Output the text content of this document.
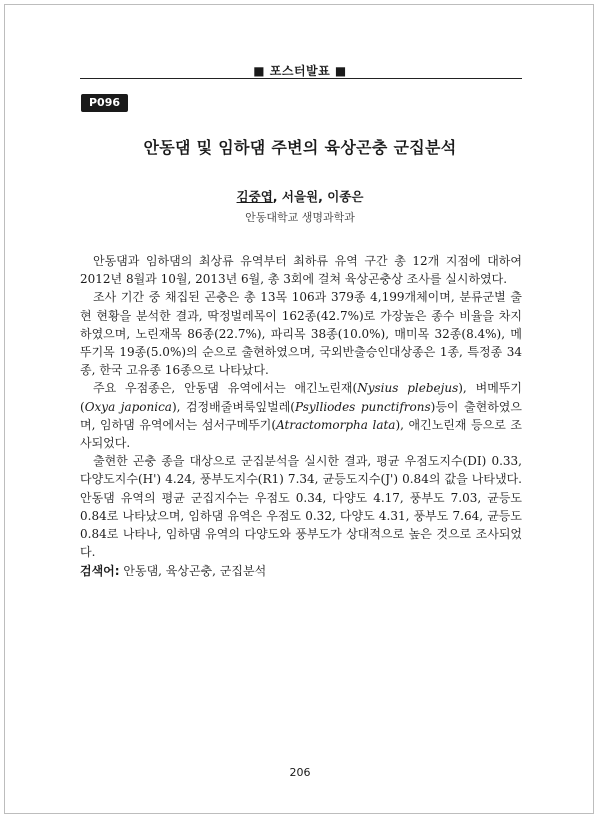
■ 포스터발표 ■
P096
안동댐 및 임하댐 주변의 육상곤충 군집분석
김중엽, 서을원, 이종은
안동대학교 생명과학과

안동댐과 임하댐의 최상류 유역부터 최하류 유역 구간 총 12개 지점에 대하여 2012년 8월과 10월, 2013년 6월, 총 3회에 걸쳐 육상곤충상 조사를 실시하였다.

조사 기간 중 채집된 곤충은 총 13목 106과 379종 4,199개체이며, 분류군별 출현 현황을 분석한 결과, 딱정벌레목이 162종(42.7%)로 가장높은 종수 비율을 차지하였으며, 노린재목 86종(22.7%), 파리목 38종(10.0%), 매미목 32종(8.4%), 메뚜기목 19종(5.0%)의 순으로 출현하였으며, 국외반출승인대상종은 1종, 특정종 34종, 한국 고유종 16종으로 나타났다.

주요 우점종은, 안동댐 유역에서는 애긴노린재(Nysius plebejus), 벼메뚜기(Oxya japonica), 검정배줄벼룩잎벌레(Psylliodes punctifrons)등이 출현하였으며, 임하댐 유역에서는 섬서구메뚜기(Atractomorpha lata), 애긴노린재 등으로 조사되었다.

출현한 곤충 종을 대상으로 군집분석을 실시한 결과, 평균 우점도지수(DI) 0.33, 다양도지수(H') 4.24, 풍부도지수(R1) 7.34, 균등도지수(J') 0.84의 값을 나타냈다. 안동댐 유역의 평균 군집지수는 우점도 0.34, 다양도 4.17, 풍부도 7.03, 균등도 0.84로 나타났으며, 임하댐 유역은 우점도 0.32, 다양도 4.31, 풍부도 7.64, 균등도 0.84로 나타나, 임하댐 유역의 다양도와 풍부도가 상대적으로 높은 것으로 조사되었다.

검색어: 안동댐, 육상곤충, 군집분석
206
